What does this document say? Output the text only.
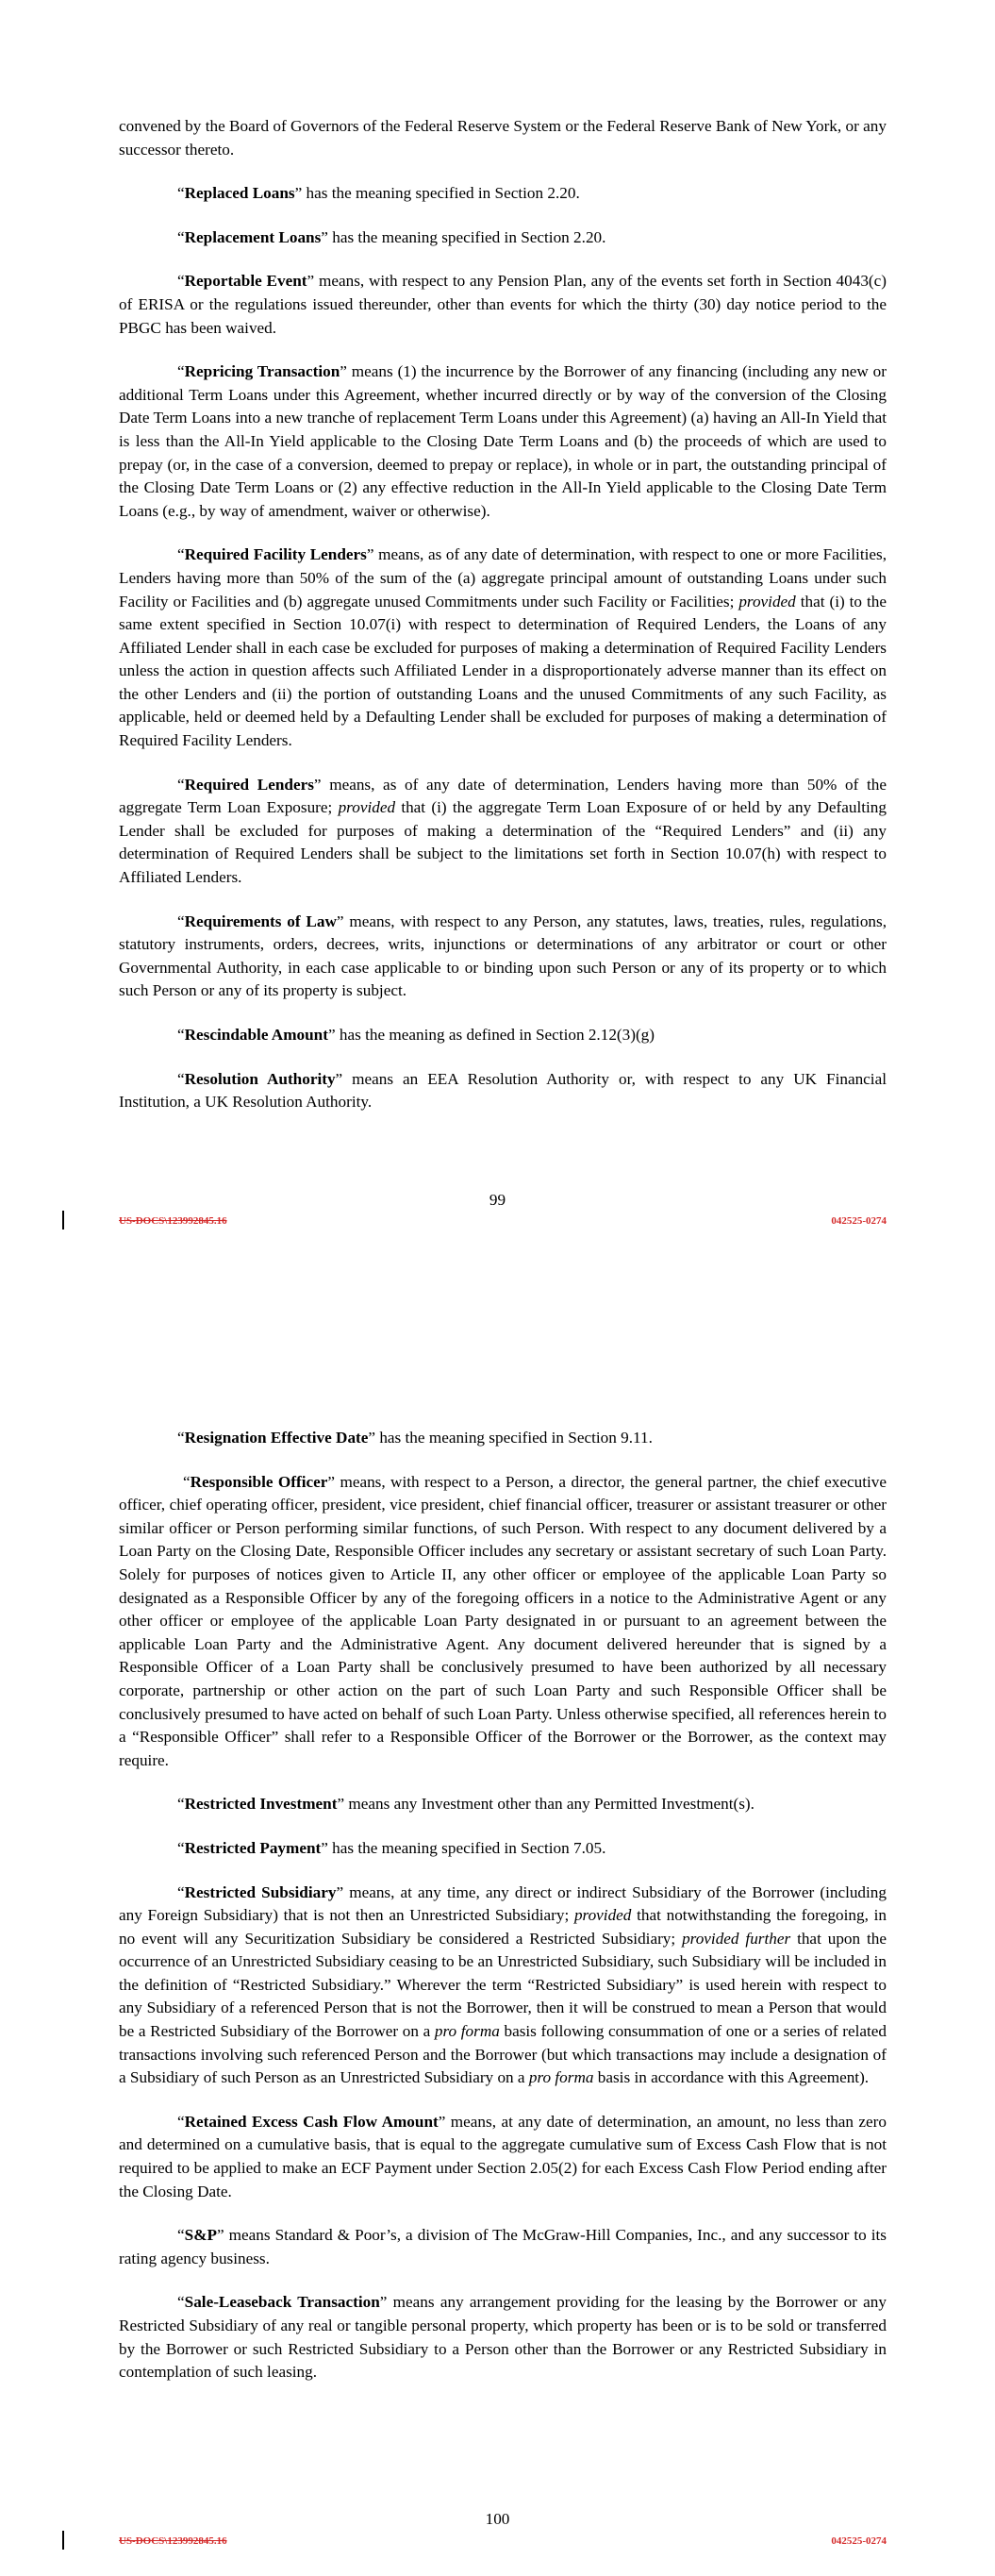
convened by the Board of Governors of the Federal Reserve System or the Federal Reserve Bank of New York, or any successor thereto.

“Replaced Loans” has the meaning specified in Section 2.20.

“Replacement Loans” has the meaning specified in Section 2.20.

“Reportable Event” means, with respect to any Pension Plan, any of the events set forth in Section 4043(c) of ERISA or the regulations issued thereunder, other than events for which the thirty (30) day notice period to the PBGC has been waived.

“Repricing Transaction” means (1) the incurrence by the Borrower of any financing (including any new or additional Term Loans under this Agreement, whether incurred directly or by way of the conversion of the Closing Date Term Loans into a new tranche of replacement Term Loans under this Agreement) (a) having an All-In Yield that is less than the All-In Yield applicable to the Closing Date Term Loans and (b) the proceeds of which are used to prepay (or, in the case of a conversion, deemed to prepay or replace), in whole or in part, the outstanding principal of the Closing Date Term Loans or (2) any effective reduction in the All-In Yield applicable to the Closing Date Term Loans (e.g., by way of amendment, waiver or otherwise).

“Required Facility Lenders” means, as of any date of determination, with respect to one or more Facilities, Lenders having more than 50% of the sum of the (a) aggregate principal amount of outstanding Loans under such Facility or Facilities and (b) aggregate unused Commitments under such Facility or Facilities; provided that (i) to the same extent specified in Section 10.07(i) with respect to determination of Required Lenders, the Loans of any Affiliated Lender shall in each case be excluded for purposes of making a determination of Required Facility Lenders unless the action in question affects such Affiliated Lender in a disproportionately adverse manner than its effect on the other Lenders and (ii) the portion of outstanding Loans and the unused Commitments of any such Facility, as applicable, held or deemed held by a Defaulting Lender shall be excluded for purposes of making a determination of Required Facility Lenders.

“Required Lenders” means, as of any date of determination, Lenders having more than 50% of the aggregate Term Loan Exposure; provided that (i) the aggregate Term Loan Exposure of or held by any Defaulting Lender shall be excluded for purposes of making a determination of the “Required Lenders” and (ii) any determination of Required Lenders shall be subject to the limitations set forth in Section 10.07(h) with respect to Affiliated Lenders.

“Requirements of Law” means, with respect to any Person, any statutes, laws, treaties, rules, regulations, statutory instruments, orders, decrees, writs, injunctions or determinations of any arbitrator or court or other Governmental Authority, in each case applicable to or binding upon such Person or any of its property or to which such Person or any of its property is subject.

“Rescindable Amount” has the meaning as defined in Section 2.12(3)(g)

“Resolution Authority” means an EEA Resolution Authority or, with respect to any UK Financial Institution, a UK Resolution Authority.

99
US-DOCS\123992845.16	042525-0274

“Resignation Effective Date” has the meaning specified in Section 9.11.

“Responsible Officer” means, with respect to a Person, a director, the general partner, the chief executive officer, chief operating officer, president, vice president, chief financial officer, treasurer or assistant treasurer or other similar officer or Person performing similar functions, of such Person. With respect to any document delivered by a Loan Party on the Closing Date, Responsible Officer includes any secretary or assistant secretary of such Loan Party. Solely for purposes of notices given to Article II, any other officer or employee of the applicable Loan Party so designated as a Responsible Officer by any of the foregoing officers in a notice to the Administrative Agent or any other officer or employee of the applicable Loan Party designated in or pursuant to an agreement between the applicable Loan Party and the Administrative Agent. Any document delivered hereunder that is signed by a Responsible Officer of a Loan Party shall be conclusively presumed to have been authorized by all necessary corporate, partnership or other action on the part of such Loan Party and such Responsible Officer shall be conclusively presumed to have acted on behalf of such Loan Party. Unless otherwise specified, all references herein to a “Responsible Officer” shall refer to a Responsible Officer of the Borrower or the Borrower, as the context may require.

“Restricted Investment” means any Investment other than any Permitted Investment(s).

“Restricted Payment” has the meaning specified in Section 7.05.

“Restricted Subsidiary” means, at any time, any direct or indirect Subsidiary of the Borrower (including any Foreign Subsidiary) that is not then an Unrestricted Subsidiary; provided that notwithstanding the foregoing, in no event will any Securitization Subsidiary be considered a Restricted Subsidiary; provided further that upon the occurrence of an Unrestricted Subsidiary ceasing to be an Unrestricted Subsidiary, such Subsidiary will be included in the definition of “Restricted Subsidiary.” Wherever the term “Restricted Subsidiary” is used herein with respect to any Subsidiary of a referenced Person that is not the Borrower, then it will be construed to mean a Person that would be a Restricted Subsidiary of the Borrower on a pro forma basis following consummation of one or a series of related transactions involving such referenced Person and the Borrower (but which transactions may include a designation of a Subsidiary of such Person as an Unrestricted Subsidiary on a pro forma basis in accordance with this Agreement).

“Retained Excess Cash Flow Amount” means, at any date of determination, an amount, no less than zero and determined on a cumulative basis, that is equal to the aggregate cumulative sum of Excess Cash Flow that is not required to be applied to make an ECF Payment under Section 2.05(2) for each Excess Cash Flow Period ending after the Closing Date.

“S&P” means Standard & Poor’s, a division of The McGraw-Hill Companies, Inc., and any successor to its rating agency business.

“Sale-Leaseback Transaction” means any arrangement providing for the leasing by the Borrower or any Restricted Subsidiary of any real or tangible personal property, which property has been or is to be sold or transferred by the Borrower or such Restricted Subsidiary to a Person other than the Borrower or any Restricted Subsidiary in contemplation of such leasing.

100
US-DOCS\123992845.16	042525-0274
